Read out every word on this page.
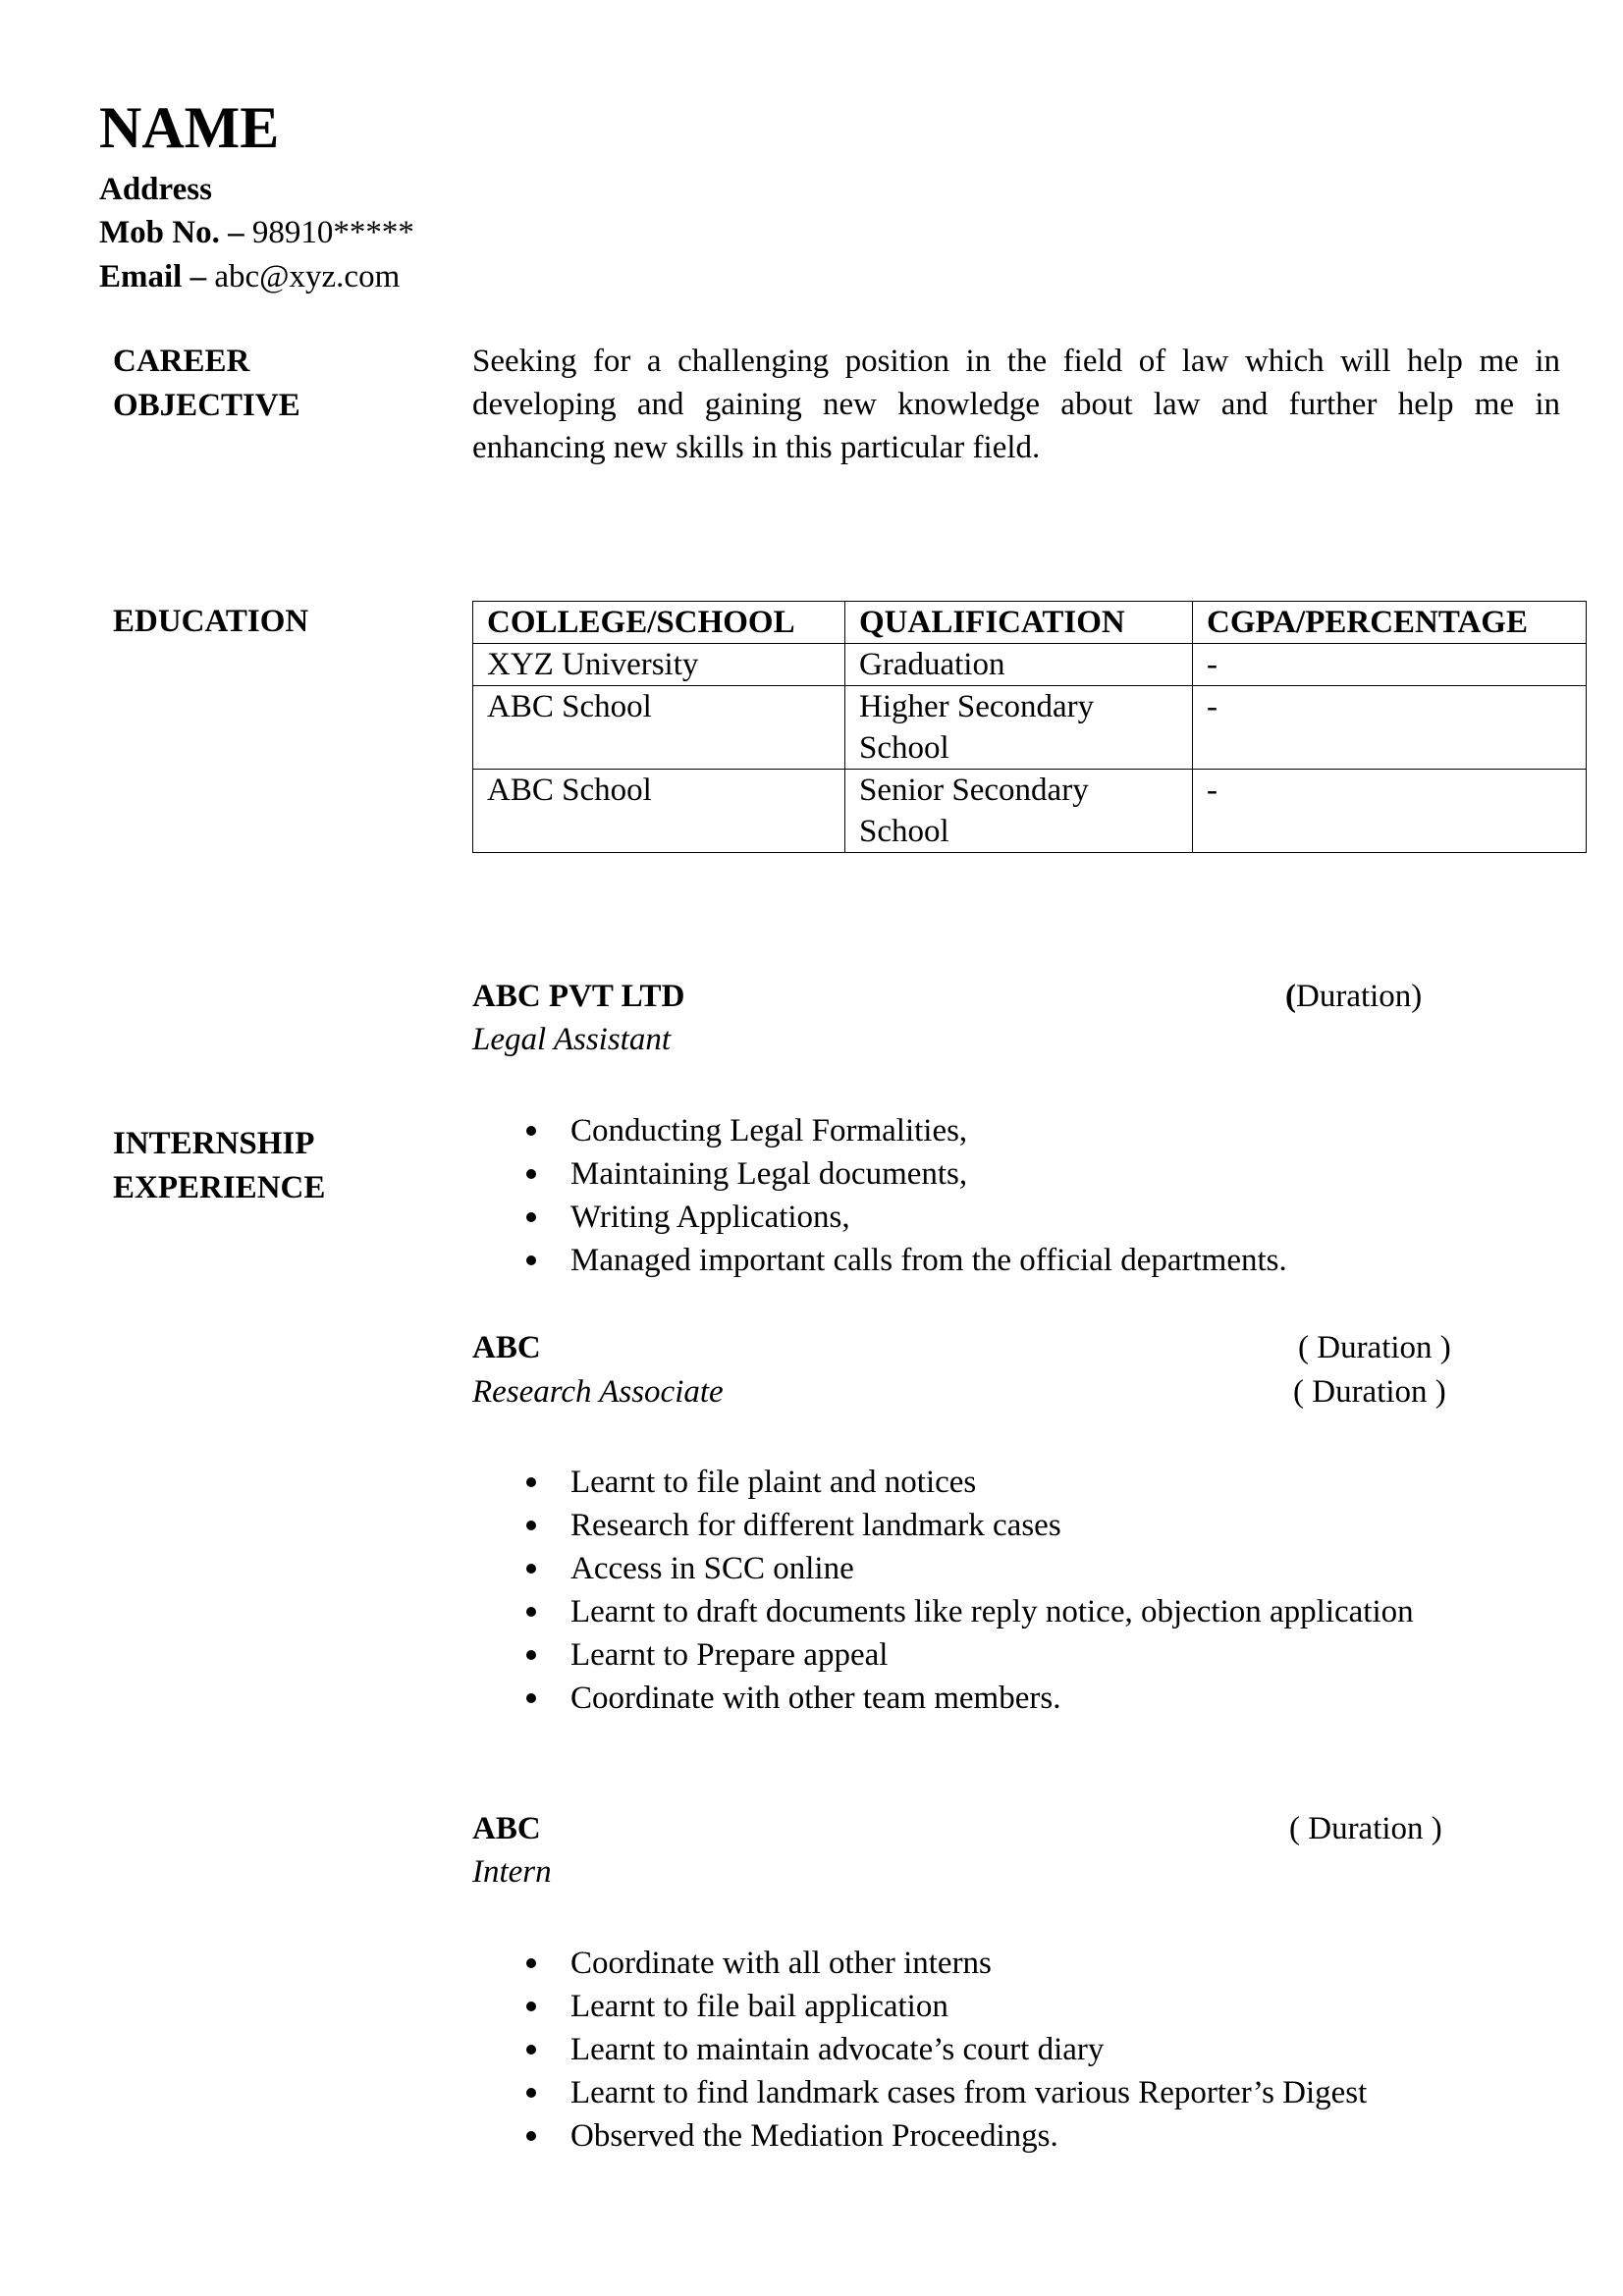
NAME
Address
Mob No. – 98910*****
Email – abc@xyz.com
CAREER
OBJECTIVE
Seeking for a challenging position in the field of law which will help me in developing and gaining new knowledge about law and further help me in enhancing new skills in this particular field.
EDUCATION	COLLEGE/SCHOOL	QUALIFICATION	CGPA/PERCENTAGE
XYZ University	Graduation	-
ABC School	Higher Secondary School	-
ABC School	Senior Secondary School	-
INTERNSHIP
EXPERIENCE
ABC PVT LTD	(Duration)
Legal Assistant
Conducting Legal Formalities,
Maintaining Legal documents,
Writing Applications,
Managed important calls from the official departments.
ABC	( Duration )
Research Associate	( Duration )
Learnt to file plaint and notices
Research for different landmark cases
Access in SCC online
Learnt to draft documents like reply notice, objection application
Learnt to Prepare appeal
Coordinate with other team members.
ABC	( Duration )
Intern
Coordinate with all other interns
Learnt to file bail application
Learnt to maintain advocate’s court diary
Learnt to find landmark cases from various Reporter’s Digest
Observed the Mediation Proceedings.
